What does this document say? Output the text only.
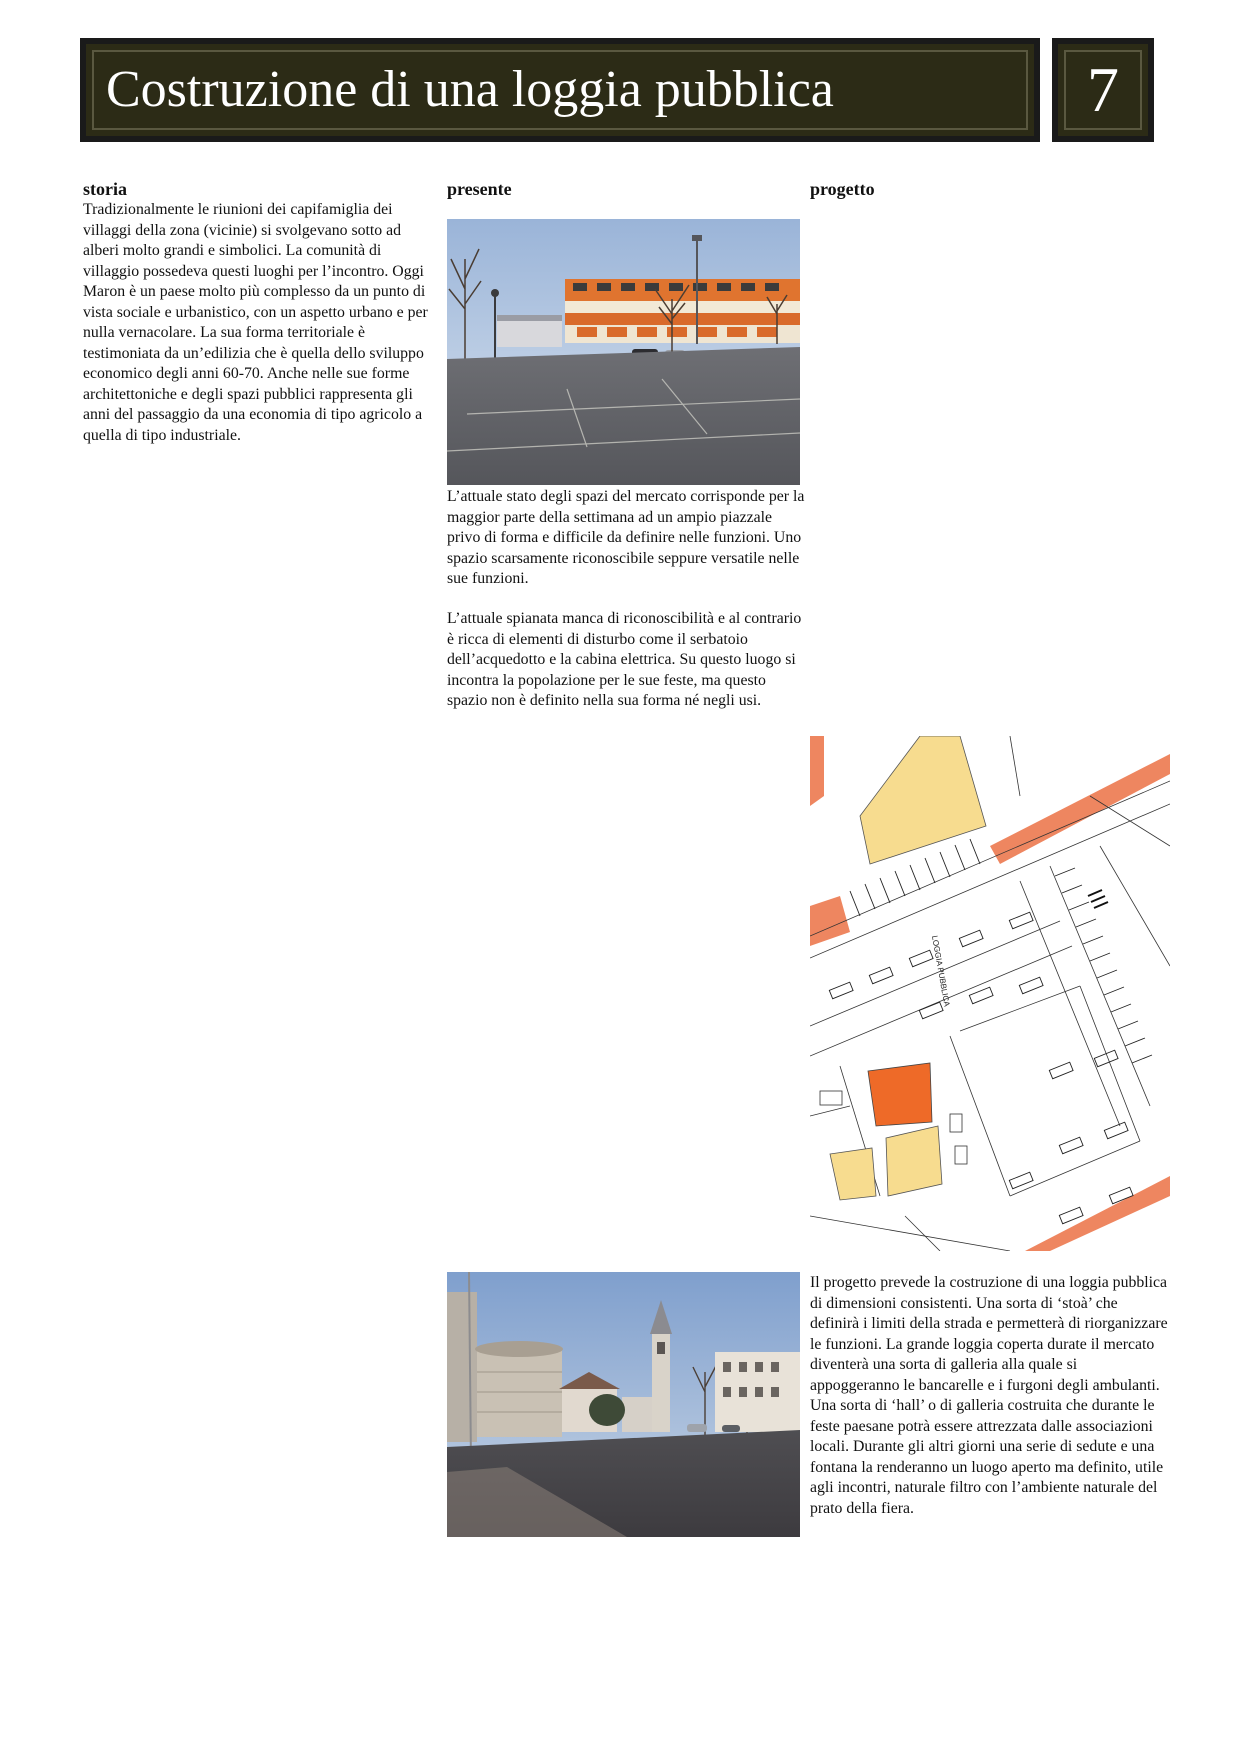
Costruzione di una loggia pubblica	7
storia	presente	progetto

Tradizionalmente le riunioni dei capifamiglia dei villaggi della zona (vicinie) si svolgevano sotto ad alberi molto grandi e simbolici. La comunità di villaggio possedeva questi luoghi per l’incontro. Oggi Maron è un paese molto più complesso da un punto di vista sociale e urbanistico, con un aspetto urbano e per nulla vernacolare. La sua forma territoriale è testimoniata da un’edilizia che è quella dello sviluppo economico degli anni 60-70. Anche nelle sue forme architettoniche e degli spazi pubblici rappresenta gli anni del passaggio da una economia di tipo agricolo a quella di tipo industriale.

L’attuale stato degli spazi del mercato corrisponde per la maggior parte della settimana ad un ampio piazzale privo di forma e difficile da definire nelle funzioni. Uno spazio scarsamente riconoscibile seppure versatile nelle sue funzioni.

L’attuale spianata manca di riconoscibilità e al contrario è ricca di elementi di disturbo come il serbatoio dell’acquedotto e la cabina elettrica. Su questo luogo si incontra la popolazione per le sue feste, ma questo spazio non è definito nella sua forma né negli usi.

LOGGIA PUBBLICA

Il progetto prevede la costruzione di una loggia pubblica di dimensioni consistenti. Una sorta di ‘stoà’ che definirà i limiti della strada e permetterà di riorganizzare le funzioni. La grande loggia coperta durate il mercato diventerà una sorta di galleria alla quale si appoggeranno le bancarelle e i furgoni degli ambulanti. Una sorta di ‘hall’ o di galleria costruita che durante le feste paesane potrà essere attrezzata dalle associazioni locali. Durante gli altri giorni una serie di sedute e una fontana la renderanno un luogo aperto ma definito, utile agli incontri, naturale filtro con l’ambiente naturale del prato della fiera.
